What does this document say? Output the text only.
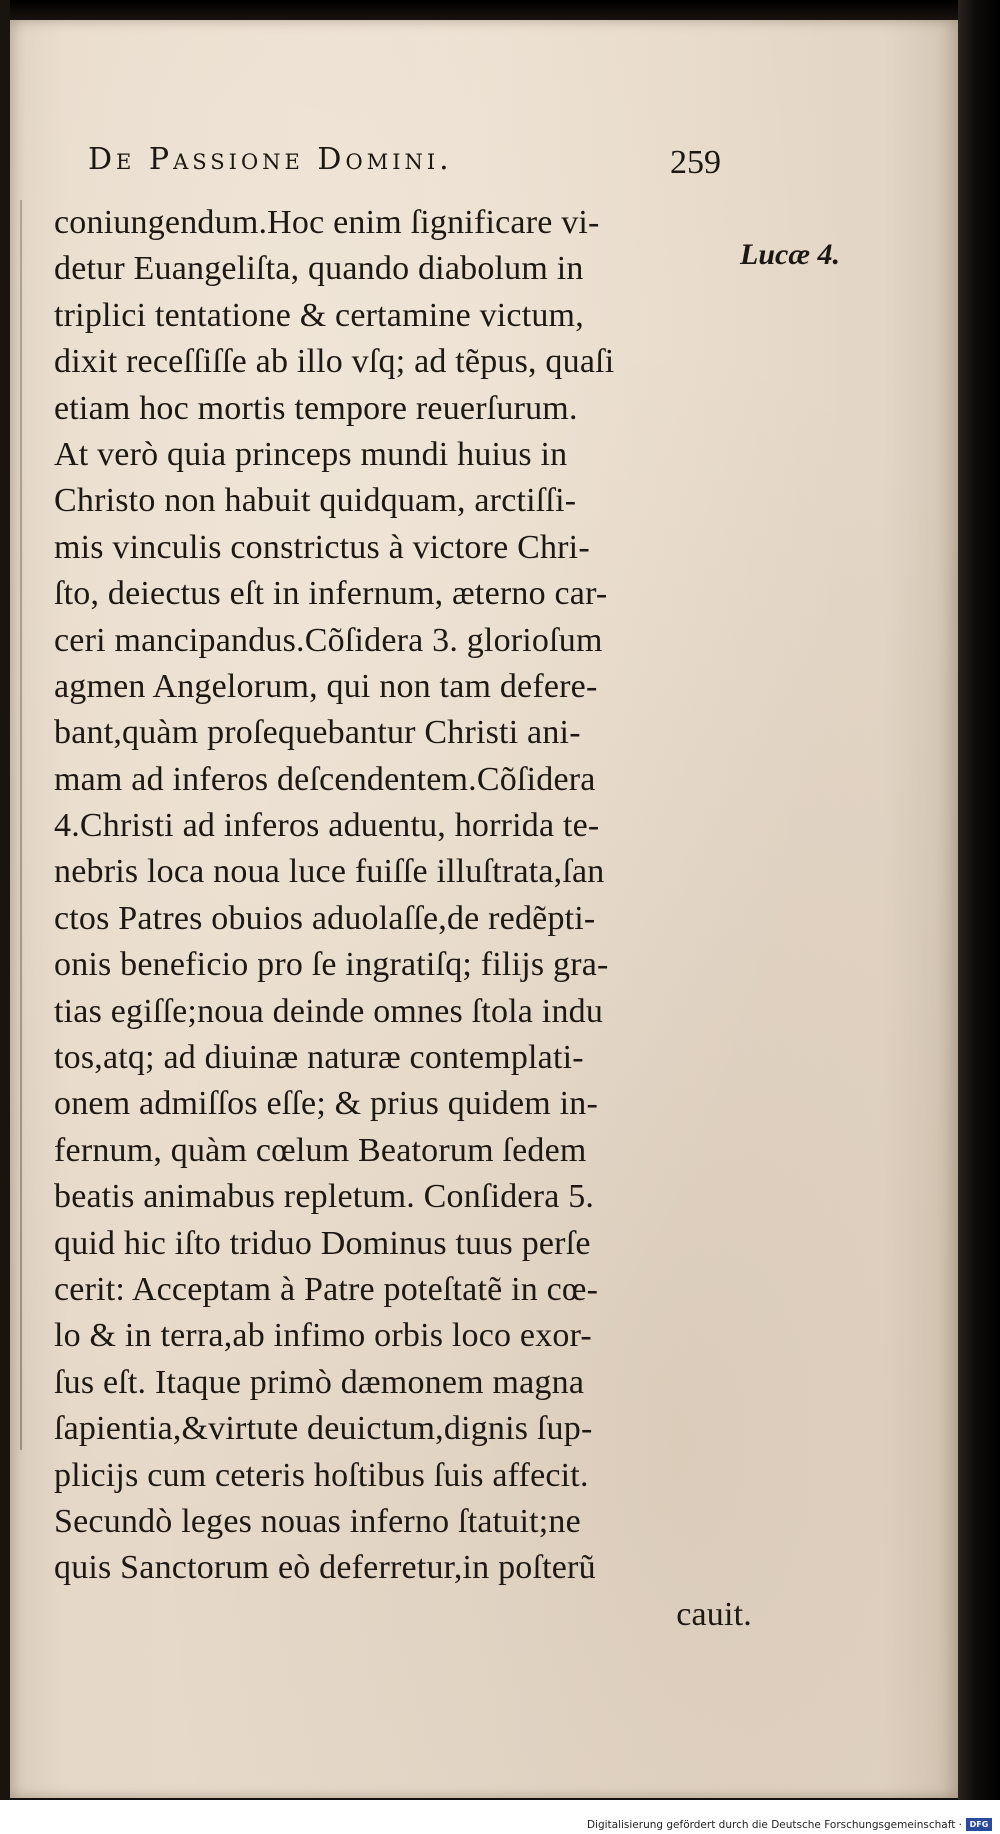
De Passione Domini.	259
Lucæ 4.
coniungendum.Hoc enim ſignificare vi-
detur Euangeliſta, quando diabolum in
triplici tentatione & certamine victum,
dixit receſſiſſe ab illo vſq; ad tẽpus, quaſi
etiam hoc mortis tempore reuerſurum.
At verò quia princeps mundi huius in
Christo non habuit quidquam, arctiſſi-
mis vinculis constrictus à victore Chri-
ſto, deiectus eſt in infernum, æterno car-
ceri mancipandus.Cõſidera 3. glorioſum
agmen Angelorum, qui non tam defere-
bant,quàm proſequebantur Christi ani-
mam ad inferos deſcendentem.Cõſidera
4.Christi ad inferos aduentu, horrida te-
nebris loca noua luce fuiſſe illuſtrata,ſan
ctos Patres obuios aduolaſſe,de redẽpti-
onis beneficio pro ſe ingratiſq; filijs gra-
tias egiſſe;noua deinde omnes ſtola indu
tos,atq; ad diuinæ naturæ contemplati-
onem admiſſos eſſe; & prius quidem in-
fernum, quàm cœlum Beatorum ſedem
beatis animabus repletum. Conſidera 5.
quid hic iſto triduo Dominus tuus perſe
cerit: Acceptam à Patre poteſtatẽ in cœ-
lo & in terra,ab infimo orbis loco exor-
ſus eſt. Itaque primò dæmonem magna
ſapientia,&virtute deuictum,dignis ſup-
plicijs cum ceteris hoſtibus ſuis affecit.
Secundò leges nouas inferno ſtatuit;ne
quis Sanctorum eò deferretur,in poſterũ
cauit.
Digitalisierung gefördert durch die Deutsche Forschungsgemeinschaft · DFG
